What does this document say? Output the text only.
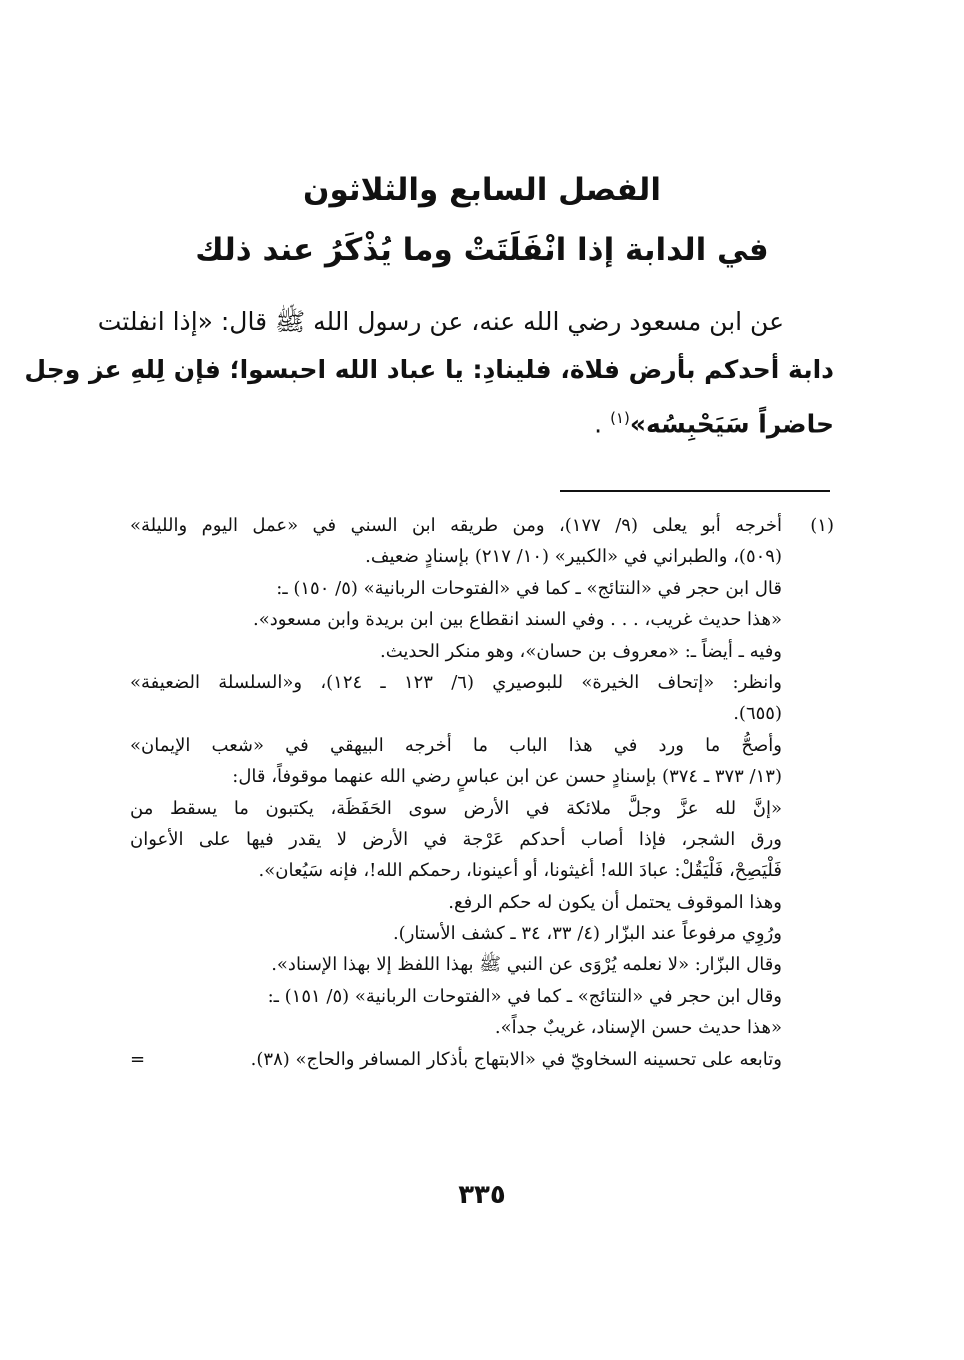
الفصل السابع والثلاثون
في الدابة إذا انْفَلَتَتْ وما يُذْكَرُ عند ذلك
عن ابن مسعود رضي الله عنه، عن رسول الله ﷺ قال: «إذا انفلتت
دابة أحدكم بأرض فلاة، فلينادِ: يا عباد الله احبسوا؛ فإن لِلهِ عز وجل
حاضراً سَيَحْبِسُه»$^{(١)}$ .
(١)
أخرجه أبو يعلى (٩/ ١٧٧)، ومن طريقه ابن السني في «عمل اليوم والليلة»
(٥٠٩)، والطبراني في «الكبير» (١٠/ ٢١٧) بإسنادٍ ضعيف.
قال ابن حجر في «النتائج» ـ كما في «الفتوحات الربانية» (٥/ ١٥٠) ـ:
«هذا حديث غريب، . . . وفي السند انقطاع بين ابن بريدة وابن مسعود».
وفيه ـ أيضاً ـ: «معروف بن حسان»، وهو منكر الحديث.
وانظر: «إتحاف الخيرة» للبوصيري (٦/ ١٢٣ ـ ١٢٤)، و«السلسلة الضعيفة»
(٦٥٥).
وأصحُّ ما ورد في هذا الباب ما أخرجه البيهقي في «شعب الإيمان»
(١٣/ ٣٧٣ ـ ٣٧٤) بإسنادٍ حسن عن ابن عباسٍ رضي الله عنهما موقوفاً، قال:
«إنَّ لله عزَّ وجلَّ ملائكة في الأرض سوى الحَفَظَة، يكتبون ما يسقط من
ورق الشجر، فإذا أصاب أحدكم عَرْجة في الأرض لا يقدر فيها على الأعوان
فَلْيَصِحْ، فَلْيَقُلْ: عبادَ الله! أغيثونا، أو أعينونا، رحمكم الله!، فإنه سَيُعان».
وهذا الموقوف يحتمل أن يكون له حكم الرفع.
ورُوِي مرفوعاً عند البزّار (٤/ ٣٣، ٣٤ ـ كشف الأستار).
وقال البزّار: «لا نعلمه يُرْوَى عن النبي ﷺ بهذا اللفظ إلا بهذا الإسناد».
وقال ابن حجر في «النتائج» ـ كما في «الفتوحات الربانية» (٥/ ١٥١) ـ:
«هذا حديث حسن الإسناد، غريبٌ جداً».
وتابعه على تحسينه السخاويّ في «الابتهاج بأذكار المسافر والحاج» (٣٨).
=
٣٣٥
